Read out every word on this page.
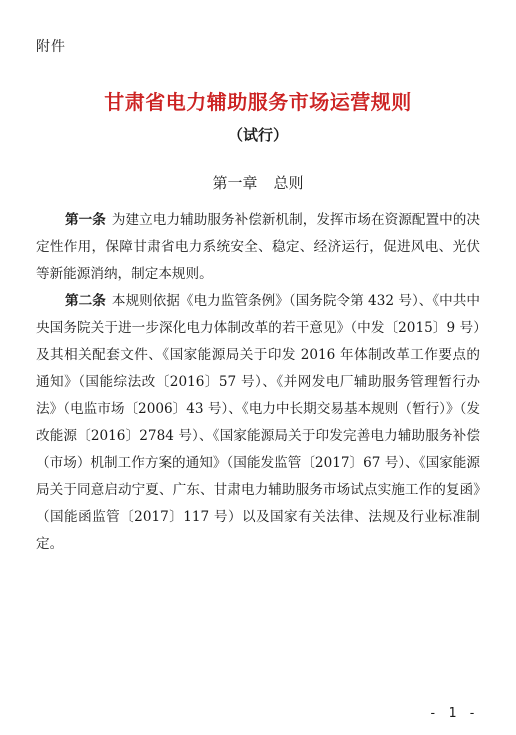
附件
甘肃省电力辅助服务市场运营规则
（试行）
第一章 总则

第一条 为建立电力辅助服务补偿新机制，发挥市场在资源配置中的决定性作用，保障甘肃省电力系统安全、稳定、经济运行，促进风电、光伏等新能源消纳，制定本规则。

第二条 本规则依据《电力监管条例》（国务院令第 432 号）、《中共中央国务院关于进一步深化电力体制改革的若干意见》（中发〔2015〕9 号）及其相关配套文件、《国家能源局关于印发 2016 年体制改革工作要点的通知》（国能综法改〔2016〕57 号）、《并网发电厂辅助服务管理暂行办法》（电监市场〔2006〕43 号）、《电力中长期交易基本规则（暂行）》（发改能源〔2016〕2784 号）、《国家能源局关于印发完善电力辅助服务补偿（市场）机制工作方案的通知》（国能发监管〔2017〕67 号）、《国家能源局关于同意启动宁夏、广东、甘肃电力辅助服务市场试点实施工作的复函》（国能函监管〔2017〕117 号）以及国家有关法律、法规及行业标准制定。

- 1 -
